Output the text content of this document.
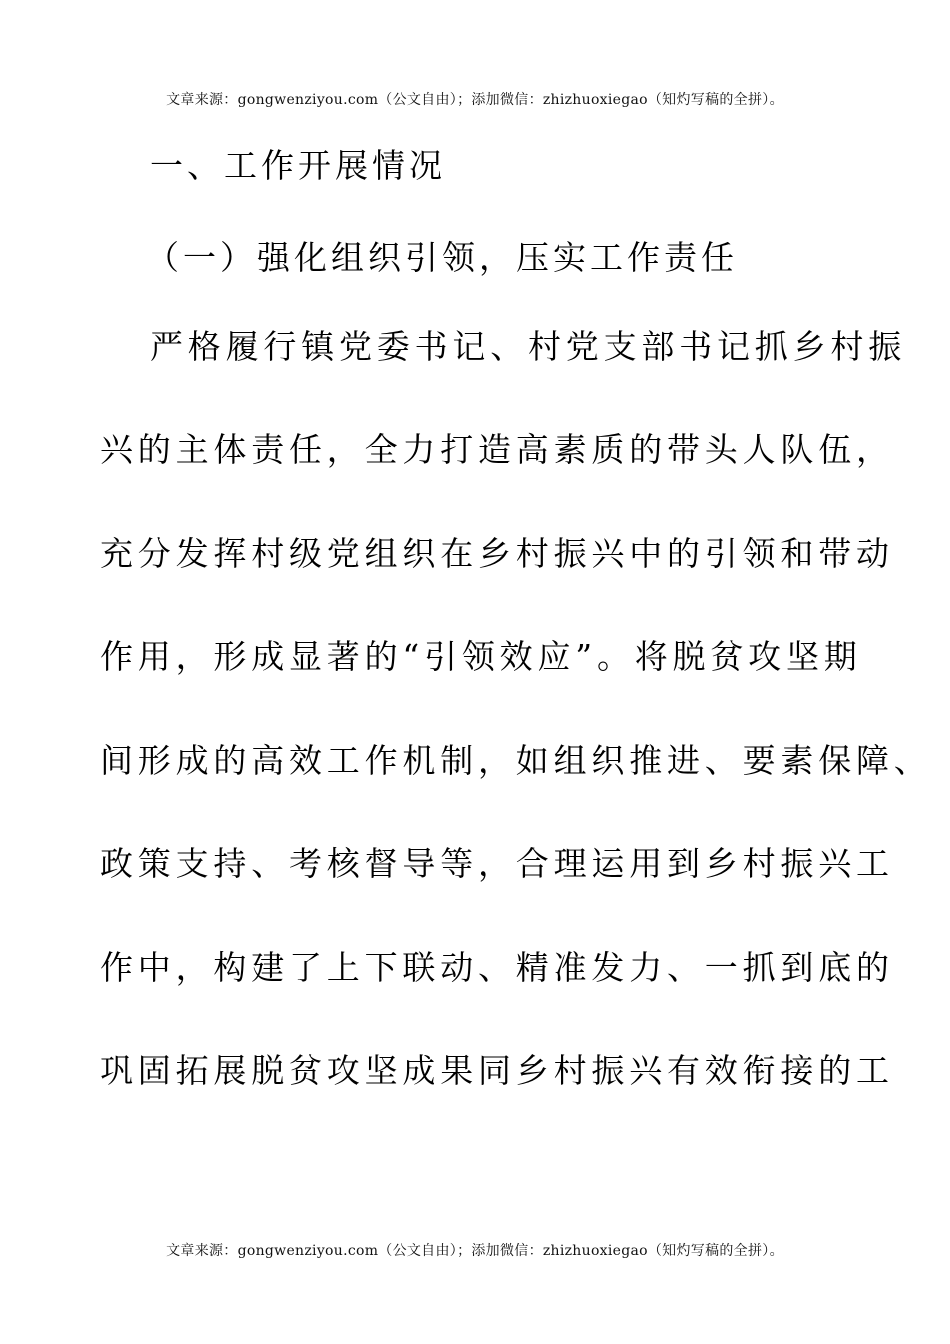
文章来源：gongwenziyou.com（公文自由）；添加微信：zhizhuoxiegao（知灼写稿的全拼）。
一、工作开展情况
（一）强化组织引领，压实工作责任
严格履行镇党委书记、村党支部书记抓乡村振
兴的主体责任，全力打造高素质的带头人队伍，
充分发挥村级党组织在乡村振兴中的引领和带动
作用，形成显著的“引领效应”。将脱贫攻坚期
间形成的高效工作机制，如组织推进、要素保障、
政策支持、考核督导等，合理运用到乡村振兴工
作中，构建了上下联动、精准发力、一抓到底的
巩固拓展脱贫攻坚成果同乡村振兴有效衔接的工
文章来源：gongwenziyou.com（公文自由）；添加微信：zhizhuoxiegao（知灼写稿的全拼）。
